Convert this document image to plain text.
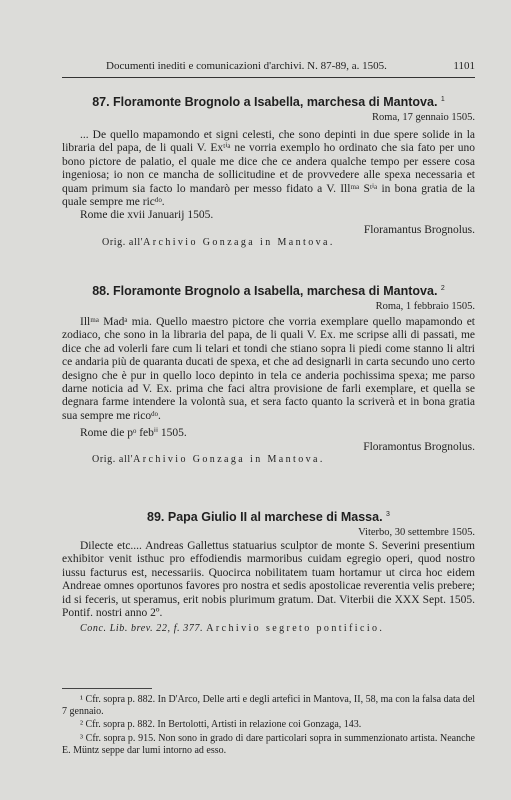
Documenti inediti e comunicazioni d'archivi. N. 87-89, a. 1505.	1101
87. Floramonte Brognolo a Isabella, marchesa di Mantova. $^1$
Roma, 17 gennaio 1505.

... De quello mapamondo et signi celesti, che sono depinti in due spere solide in la libraria del papa, de li quali V. Exᵗⁱᵃ ne vorria exemplo ho ordinato che sia fato per uno bono pictore de palatio, el quale me dice che ce andera qualche tempo per essere cosa ingeniosa; io non ce mancha de sollicitudine et de provvedere alle spexa necessaria et quam primum sia facto lo mandarò per messo fidato a V. Illᵐᵃ Sᵗⁱᵃ in bona gratia de la quale sempre me ricᵈᵒ.

Rome die xvii Januarij 1505.
Floramantus Brognolus.
Orig. all'Archivio Gonzaga in Mantova.
88. Floramonte Brognolo a Isabella, marchesa di Mantova. $^2$
Roma, 1 febbraio 1505.

Illᵐᵃ Madᵃ mia. Quello maestro pictore che vorria exemplare quello mapamondo et zodiaco, che sono in la libraria del papa, de li quali V. Ex. me scripse alli di passati, me dice che ad volerli fare cum li telari et tondi che stiano sopra li piedi come stanno li altri ce andaria più de quaranta ducati de spexa, et che ad designarli in carta secundo uno certo designo che è pur in quello loco depinto in tela ce anderia pochissima spexa; me parso darne noticia ad V. Ex. prima che faci altra provisione de farli exemplare, et quella se degnara farme intendere la volontà sua, et sera facto quanto la scriverà et in bona gratia sua sempre me ricoᵈᵒ.

Rome die pᵒ febⁱⁱ 1505.
Floramontus Brognolus.
Orig. all'Archivio Gonzaga in Mantova.
89. Papa Giulio II al marchese di Massa. $^3$
Viterbo, 30 settembre 1505.

Dilecte etc.... Andreas Gallettus statuarius sculptor de monte S. Severini presentium exhibitor venit isthuc pro effodiendis marmoribus cuidam egregio operi, quod nostro iussu facturus est, necessariis. Quocirca nobilitatem tuam hortamur ut circa hoc eidem Andreae omnes oportunos favores pro nostra et sedis apostolicae reverentia velis prebere; id si feceris, ut speramus, erit nobis plurimum gratum. Dat. Viterbii die XXX Sept. 1505. Pontif. nostri anno 2º.

Conc. Lib. brev. 22, f. 377. Archivio segreto pontificio.
¹ Cfr. sopra p. 882. In D'Arco, Delle arti e degli artefici in Mantova, II, 58, ma con la falsa data del 7 gennaio.
² Cfr. sopra p. 882. In Bertolotti, Artisti in relazione coi Gonzaga, 143.
³ Cfr. sopra p. 915. Non sono in grado di dare particolari sopra in summenzionato artista. Neanche E. Müntz seppe dar lumi intorno ad esso.
